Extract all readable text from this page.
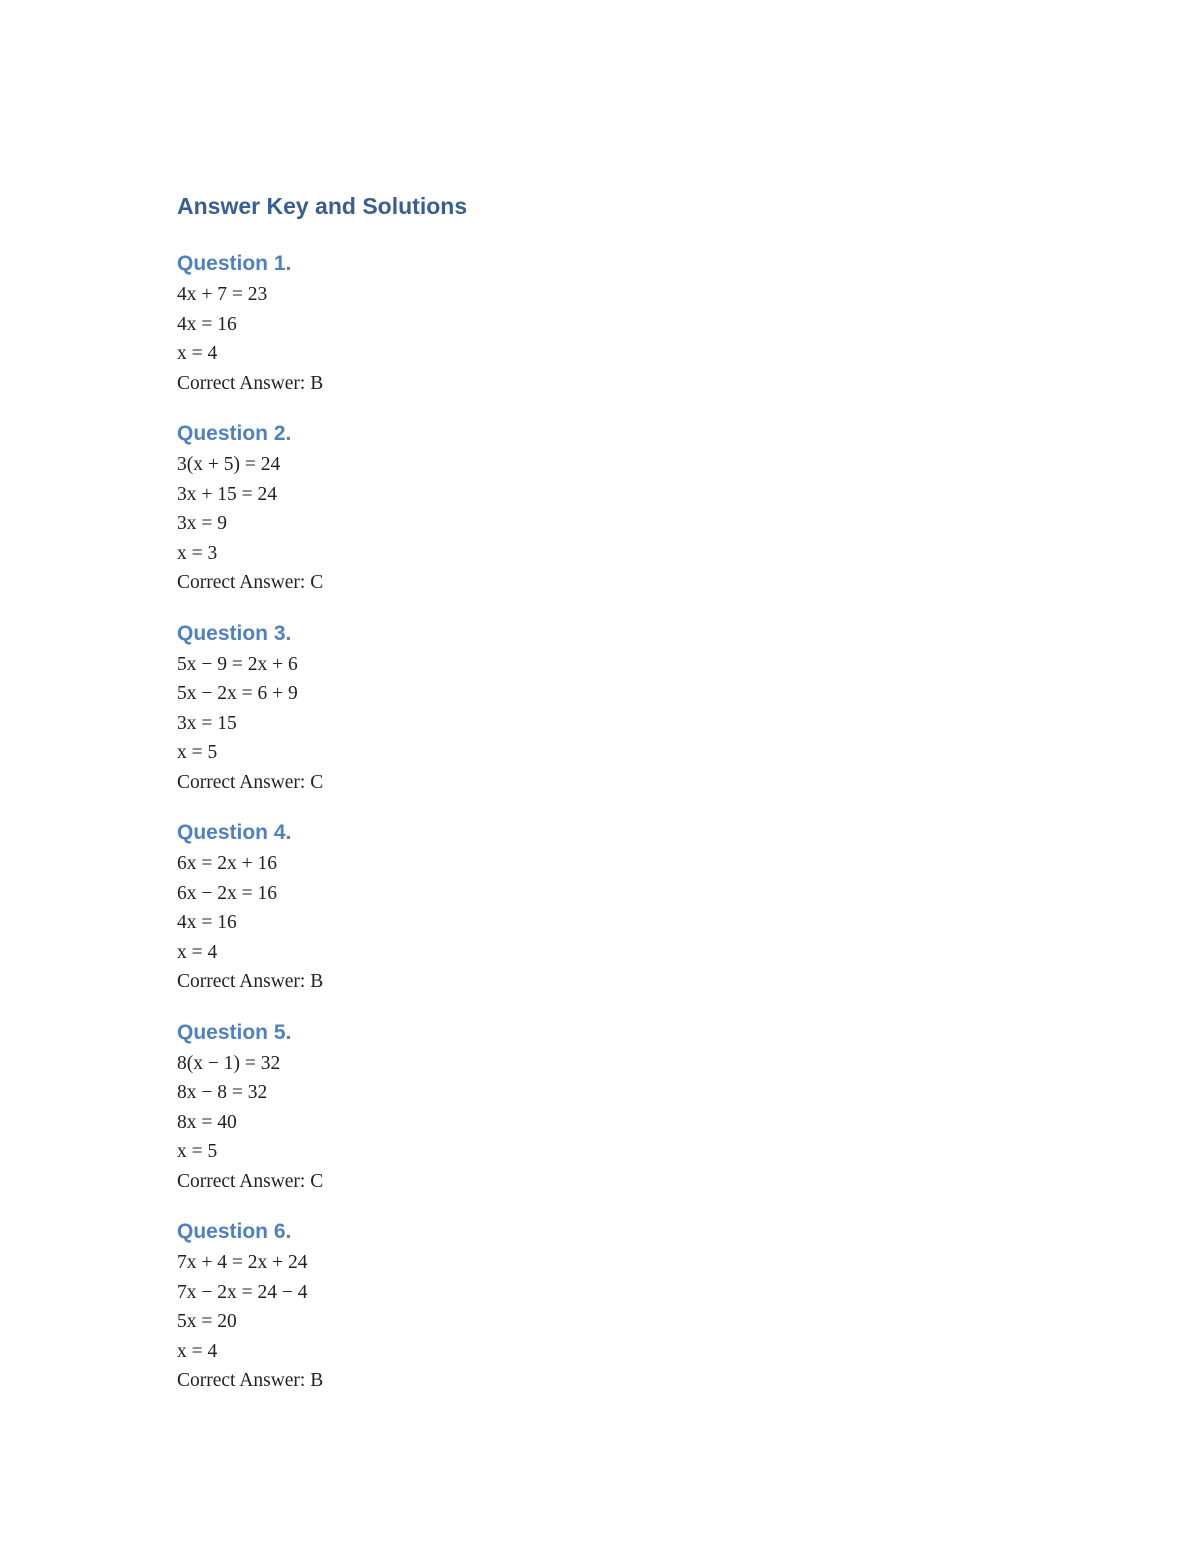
Answer Key and Solutions
Question 1.

4x + 7 = 23

4x = 16

x = 4

Correct Answer: B

Question 2.

3(x + 5) = 24

3x + 15 = 24

3x = 9

x = 3

Correct Answer: C

Question 3.

5x − 9 = 2x + 6

5x − 2x = 6 + 9

3x = 15

x = 5

Correct Answer: C

Question 4.

6x = 2x + 16

6x − 2x = 16

4x = 16

x = 4

Correct Answer: B

Question 5.

8(x − 1) = 32

8x − 8 = 32

8x = 40

x = 5

Correct Answer: C

Question 6.

7x + 4 = 2x + 24

7x − 2x = 24 − 4

5x = 20

x = 4

Correct Answer: B
